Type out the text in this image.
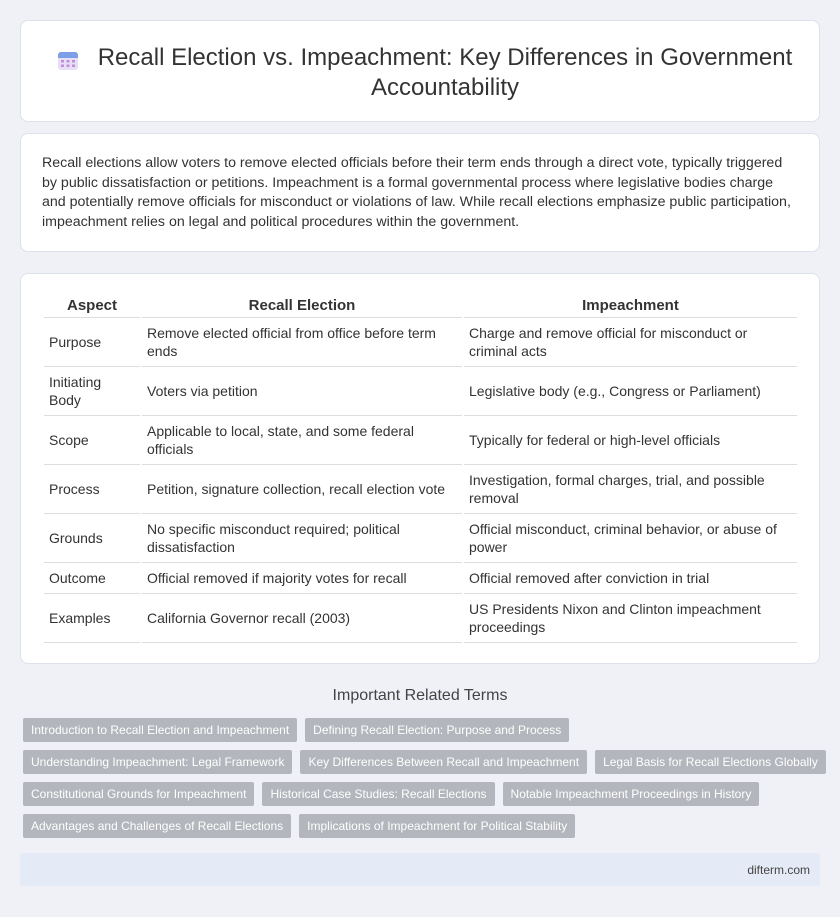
Recall Election vs. Impeachment: Key Differences in Government Accountability

Recall elections allow voters to remove elected officials before their term ends through a direct vote, typically triggered by public dissatisfaction or petitions. Impeachment is a formal governmental process where legislative bodies charge and potentially remove officials for misconduct or violations of law. While recall elections emphasize public participation, impeachment relies on legal and political procedures within the government.

Aspect	Recall Election	Impeachment
Purpose	Remove elected official from office before term ends	Charge and remove official for misconduct or criminal acts
Initiating Body	Voters via petition	Legislative body (e.g., Congress or Parliament)
Scope	Applicable to local, state, and some federal officials	Typically for federal or high-level officials
Process	Petition, signature collection, recall election vote	Investigation, formal charges, trial, and possible removal
Grounds	No specific misconduct required; political dissatisfaction	Official misconduct, criminal behavior, or abuse of power
Outcome	Official removed if majority votes for recall	Official removed after conviction in trial
Examples	California Governor recall (2003)	US Presidents Nixon and Clinton impeachment proceedings
Important Related Terms
Introduction to Recall Election and Impeachment	Defining Recall Election: Purpose and Process
Understanding Impeachment: Legal Framework	Key Differences Between Recall and Impeachment	Legal Basis for Recall Elections Globally
Constitutional Grounds for Impeachment	Historical Case Studies: Recall Elections	Notable Impeachment Proceedings in History
Advantages and Challenges of Recall Elections	Implications of Impeachment for Political Stability
difterm.com
